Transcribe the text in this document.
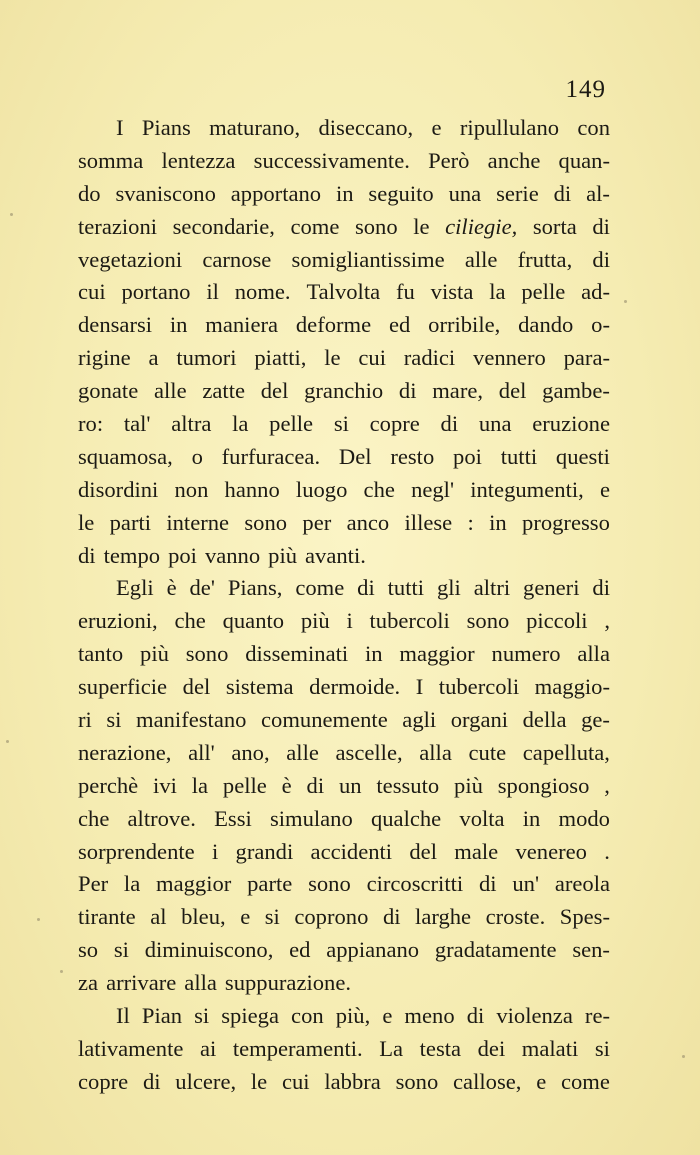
149
I Pians maturano, diseccano, e ripullulano con
somma lentezza successivamente. Però anche quan-
do svaniscono apportano in seguito una serie di al-
terazioni secondarie, come sono le ciliegie, sorta di
vegetazioni carnose somigliantissime alle frutta, di
cui portano il nome. Talvolta fu vista la pelle ad-
densarsi in maniera deforme ed orribile, dando o-
rigine a tumori piatti, le cui radici vennero para-
gonate alle zatte del granchio di mare, del gambe-
ro: tal' altra la pelle si copre di una eruzione
squamosa, o furfuracea. Del resto poi tutti questi
disordini non hanno luogo che negl' integumenti, e
le parti interne sono per anco illese : in progresso
di tempo poi vanno più avanti.
Egli è de' Pians, come di tutti gli altri generi di
eruzioni, che quanto più i tubercoli sono piccoli ,
tanto più sono disseminati in maggior numero alla
superficie del sistema dermoide. I tubercoli maggio-
ri si manifestano comunemente agli organi della ge-
nerazione, all' ano, alle ascelle, alla cute capelluta,
perchè ivi la pelle è di un tessuto più spongioso ,
che altrove. Essi simulano qualche volta in modo
sorprendente i grandi accidenti del male venereo .
Per la maggior parte sono circoscritti di un' areola
tirante al bleu, e si coprono di larghe croste. Spes-
so si diminuiscono, ed appianano gradatamente sen-
za arrivare alla suppurazione.
Il Pian si spiega con più, e meno di violenza re-
lativamente ai temperamenti. La testa dei malati si
copre di ulcere, le cui labbra sono callose, e come
